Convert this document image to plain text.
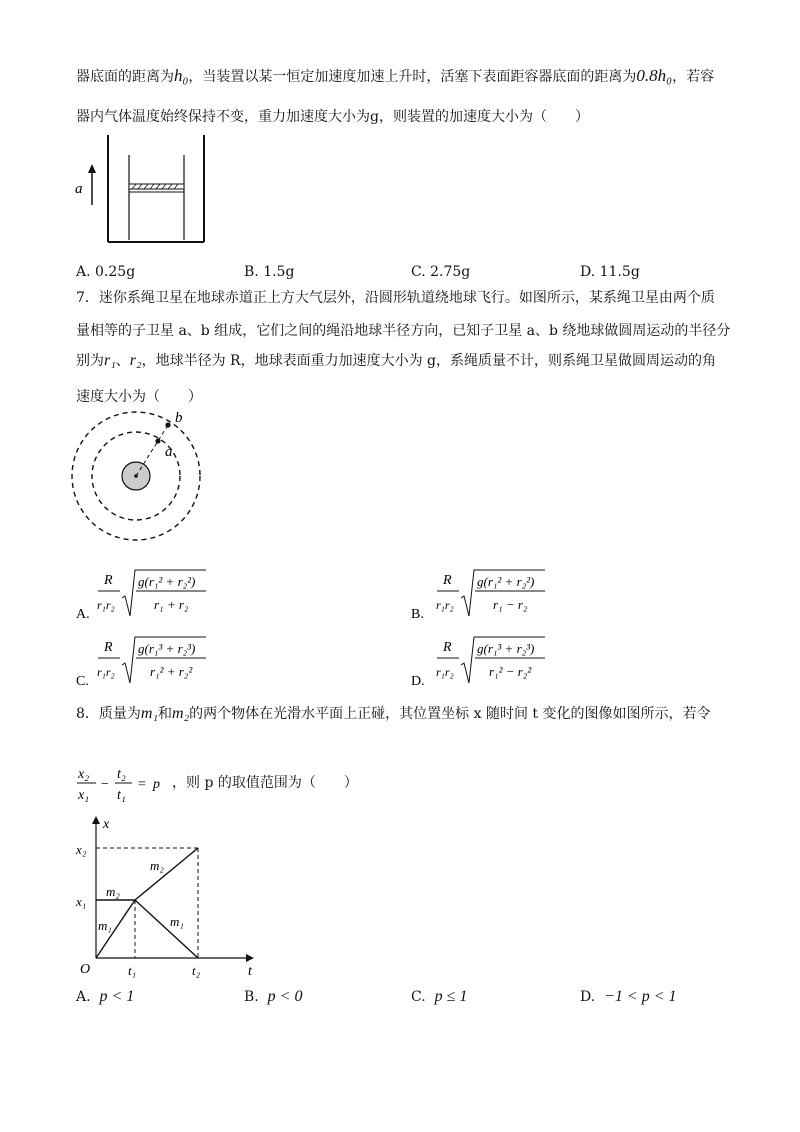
器底面的距离为h₀，当装置以某一恒定加速度加速上升时，活塞下表面距容器底面的距离为0.8h₀，若容
器内气体温度始终保持不变，重力加速度大小为g，则装置的加速度大小为（　　）
a
A. 0.25g	B. 1.5g	C. 2.75g	D. 11.5g
7．迷你系绳卫星在地球赤道正上方大气层外，沿圆形轨道绕地球飞行。如图所示，某系绳卫星由两个质
量相等的子卫星 a、b 组成，它们之间的绳沿地球半径方向，已知子卫星 a、b 绕地球做圆周运动的半径分
别为r₁、r₂，地球半径为 R，地球表面重力加速度大小为 g，系绳质量不计，则系绳卫星做圆周运动的角
速度大小为（　　）
a
b
A.
R
r₁r₂
g(r₁² + r₂²)
r₁ + r₂
B.
R
r₁r₂
g(r₁² + r₂²)
r₁ − r₂
C.
R
r₁r₂
g(r₁³ + r₂³)
r₁² + r₂²
D.
R
r₁r₂
g(r₁³ + r₂³)
r₁² − r₂²
8．质量为m₁和m₂的两个物体在光滑水平面上正碰，其位置坐标 x 随时间 t 变化的图像如图所示，若令
x₂
x₁
−
t₂
t₁
= p ，则 p 的取值范围为（　　）
x
t
O
x₂
x₁
t₁	t₂
m₂
m₂
m₁	m₁
A. p < 1	B. p < 0	C. p ≤ 1	D. −1 < p < 1
